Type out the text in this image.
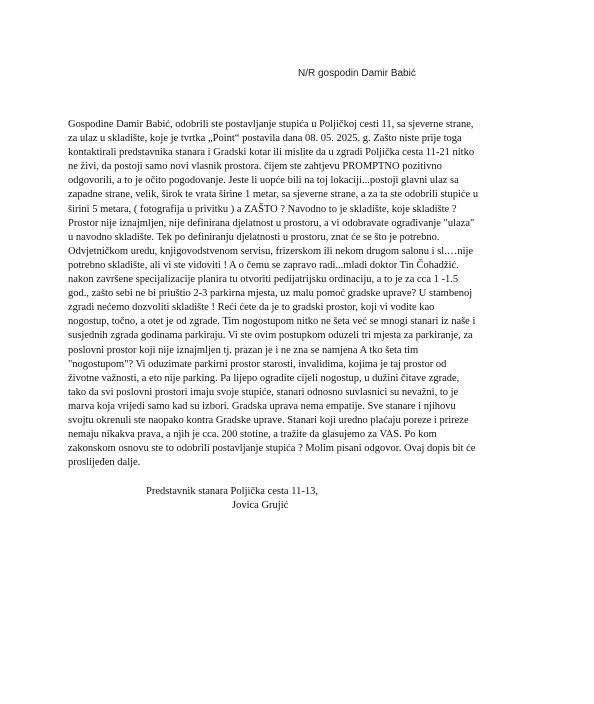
N/R gospodin Damir Babić
Gospodine Damir Babić, odobrili ste postavljanje stupića u Poljičkoj cesti 11, sa sjeverne strane,
za ulaz u skladište, koje je tvrtka „Point“ postavila dana 08. 05. 2025. g. Zašto niste prije toga
kontaktirali predstavnika stanara i Gradski kotar ili mislite da u zgradi Poljička cesta 11-21 nitko
ne živi, da postoji samo novi vlasnik prostora. čijem ste zahtjevu PROMPTNO pozitivno
odgovorili, a to je očito pogodovanje. Jeste li uopće bili na toj lokaciji...postoji glavni ulaz sa
zapadne strane, velik, širok te vrata širine 1 metar, sa sjeverne strane, a za ta ste odobrili stupiće u
širini 5 metara, ( fotografija u privitku ) a ZAŠTO ? Navodno to je skladište, koje skladište ?
Prostor nije iznajmljen, nije definirana djelatnost u prostoru, a vi odobravate ograđivanje "ulaza"
u navodno skladište. Tek po definiranju djelatnosti u prostoru, znat će se što je potrebno.
Odvjetničkom uredu, knjigovodstvenom servisu, frizerskom ili nekom drugom salonu i sl.…nije
potrebno skladište, ali vi ste vidoviti ! A o čemu se zapravo radi...mladi doktor Tin Čohadžić.
nakon završene specijalizacije planira tu otvoriti pedijatrijsku ordinaciju, a to je za cca 1 -1.5
god., zašto sebi ne bi priuštio 2-3 parkirna mjesta, uz malu pomoć gradske uprave? U stambenoj
zgradi nećemo dozvoliti skladište ! Reći ćete da je to gradski prostor, koji vi vodite kao
nogostup, točno, a otet je od zgrade. Tim nogostupom nitko ne šeta već se mnogi stanari iz naše i
susjednih zgrada godinama parkiraju. Vi ste ovim postupkom oduzeli tri mjesta za parkiranje, za
poslovni prostor koji nije iznajmljen tj. prazan je i ne zna se namjena A tko šeta tim
"nogostupom"? Vi oduzimate parkirni prostor starosti, invalidima, kojima je taj prostor od
životne važnosti, a eto nije parking. Pa lijepo ogradite cijeli nogostup, u dužini čitave zgrade,
tako da svi poslovni prostori imaju svoje stupiće, stanari odnosno suvlasnici su nevažni, to je
marva koja vrijedi samo kad su izbori. Gradska uprava nema empatije. Sve stanare i njihovu
svojtu okrenuli ste naopako kontra Gradske uprave. Stanari koji uredno plaćaju poreze i prireze
nemaju nikakva prava, a njih je cca. 200 stotine, a tražite da glasujemo za VAS. Po kom
zakonskom osnovu ste to odobrili postavljanje stupića ? Molim pisani odgovor. Ovaj dopis bit će
proslijeđen dalje.
Predstavnik stanara Poljička cesta 11-13,
Jovica Grujić
